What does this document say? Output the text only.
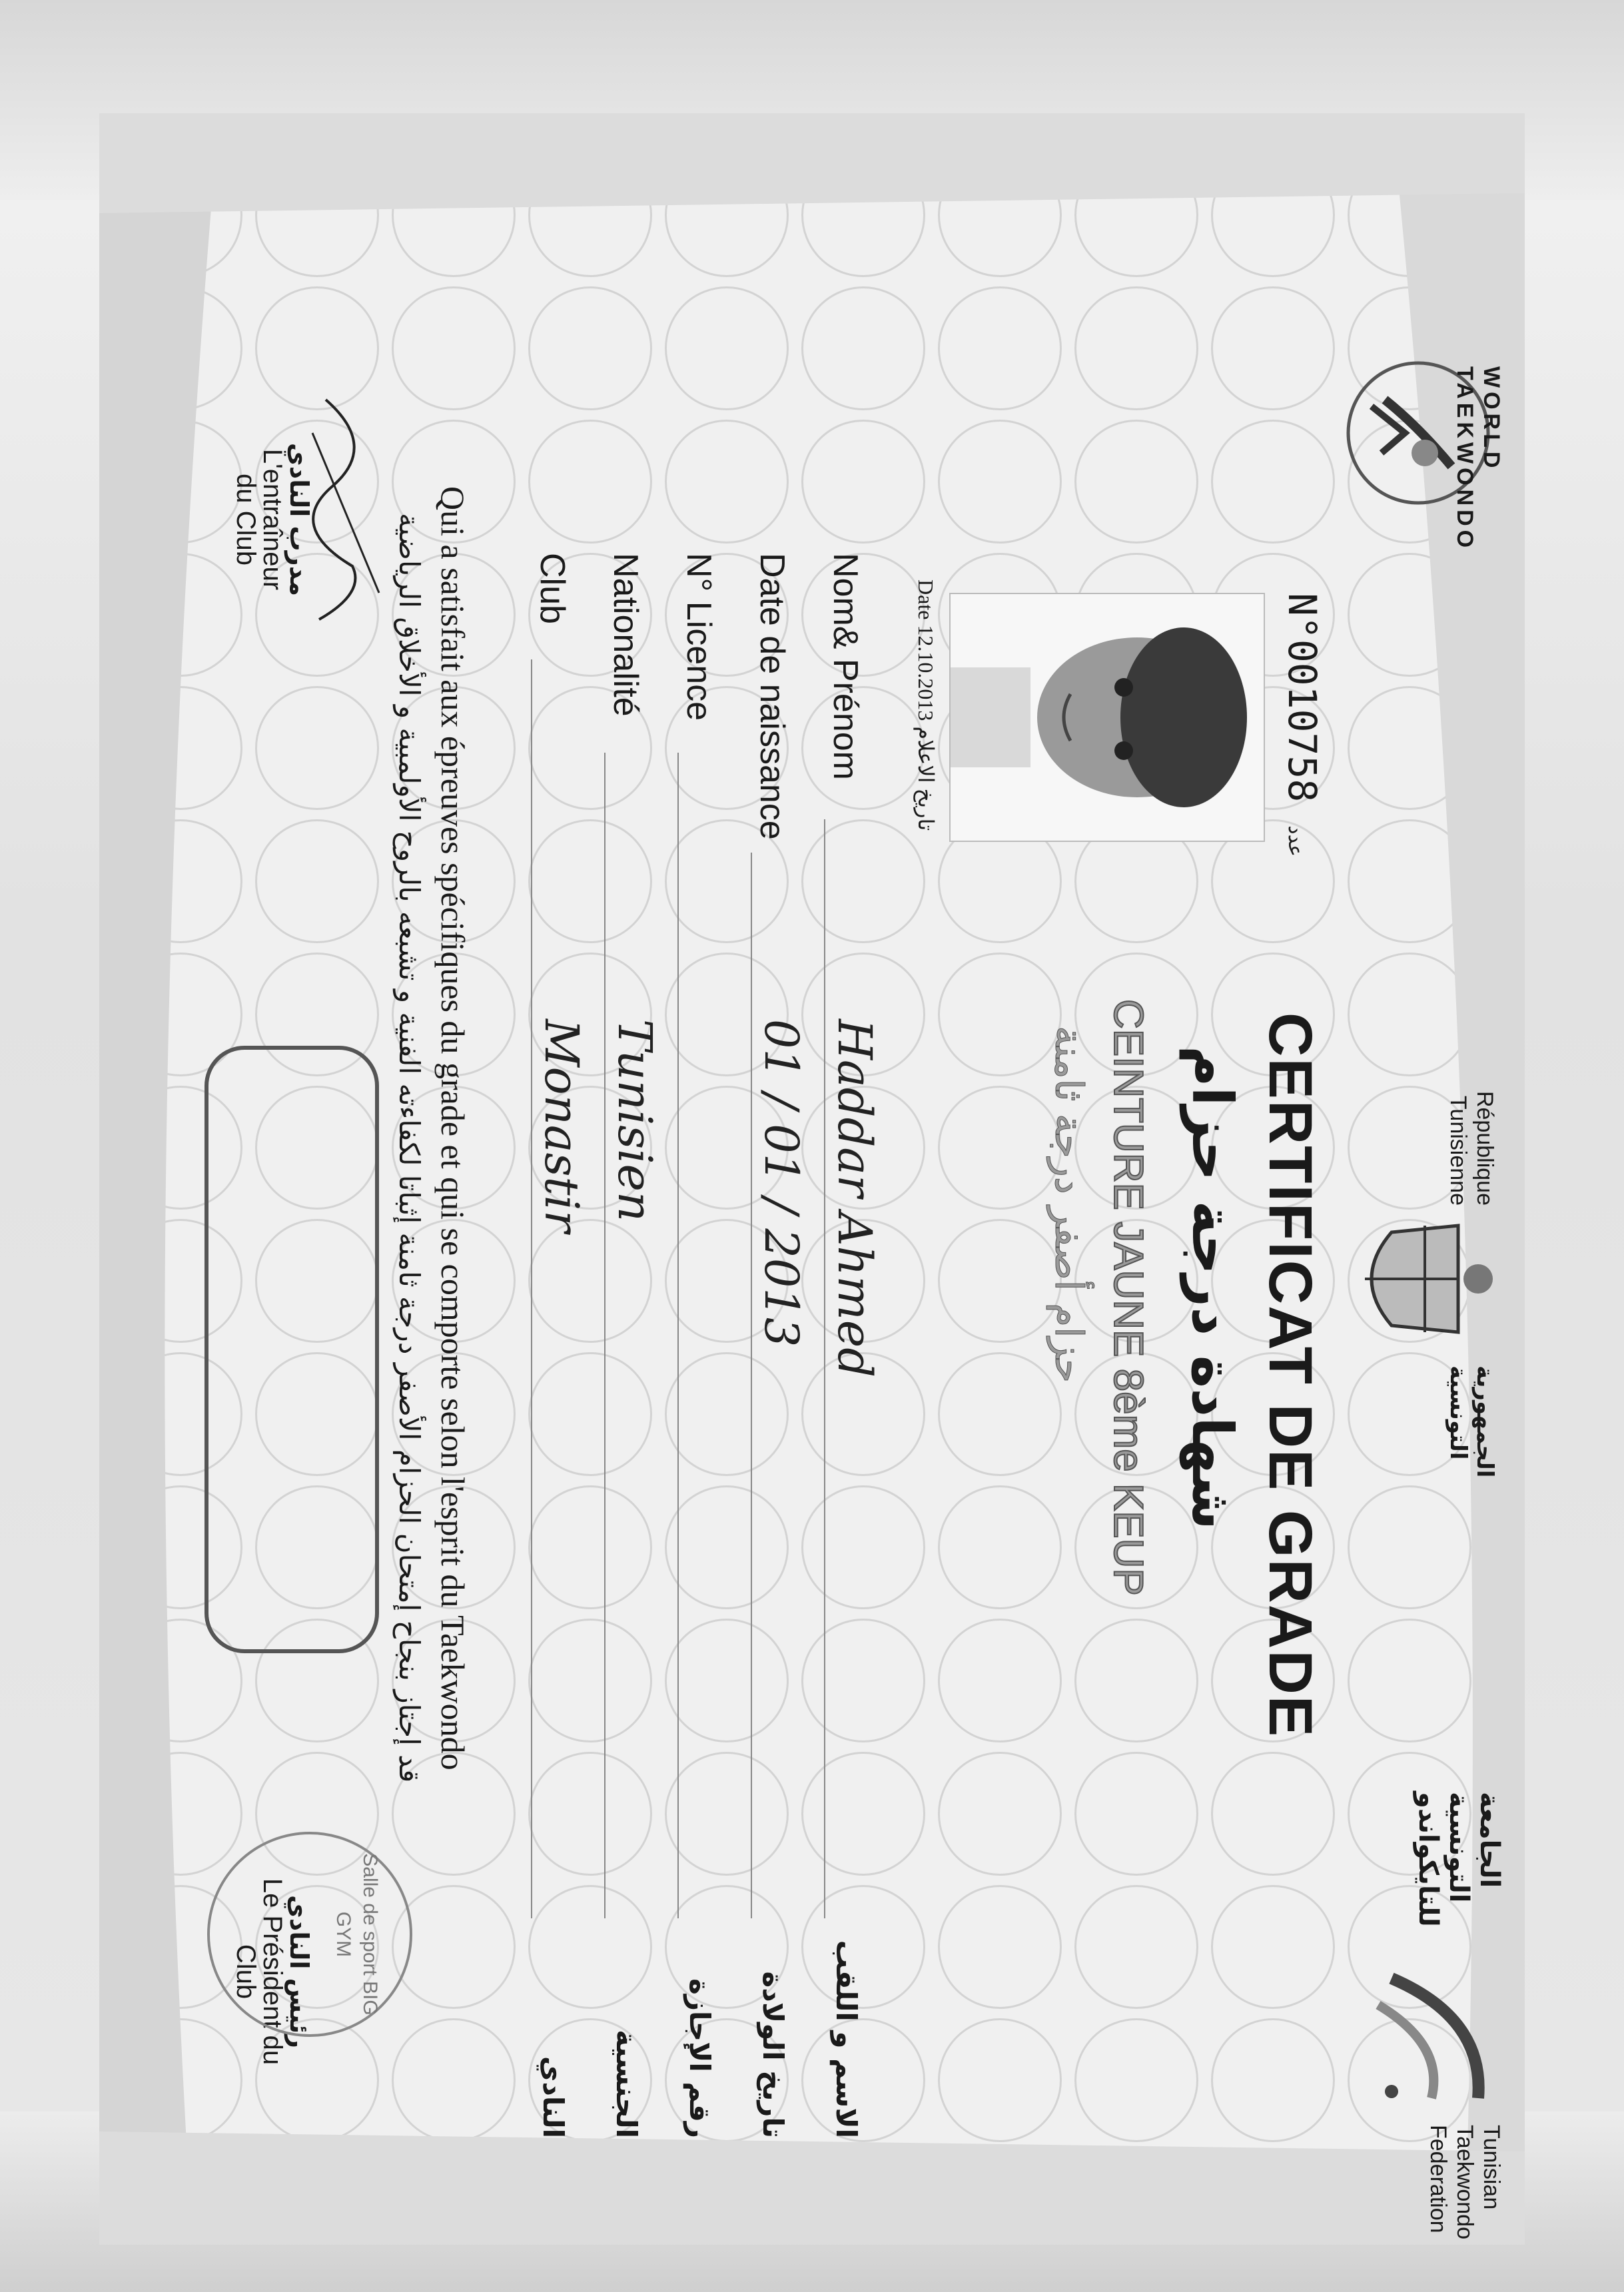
WORLD TAEKWONDO
République
Tunisienne
الجمهورية
التونسية
الجامعة
التونسية
للتايكواندو
Tunisian
Taekwondo
Federation
N°0010758 عدد
Date 12.10.2013 تاريخ الاعلام
CERTIFICAT DE GRADE
شهادة درجة حزام
CEINTURE JAUNE 8ème KEUP
حزام أصفر درجة ثامنة
Nom& Prénom
Haddar Ahmed
الاسم و اللقب
Date de naissance
01 / 01 / 2013
تاريخ الولادة
N° Licence
رقم الإجازة
Nationalité
Tunisien
الجنسية
Club
Monastir
النادي
Qui a satisfait aux épreuves spécifiques du grade et qui se comporte selon l'esprit du Taekwondo
قد إجتاز بنجاح إمتحان الحزام الأصفر درجة ثامنة إثباتا لكفاءته الفنية و تشبعه بالروح الأولمبية و الأخلاق الرياضية
مدرب النادي
L'entraîneur
du Club
Salle de sport BIG GYM
رئيس النادي
Le Président du
Club
